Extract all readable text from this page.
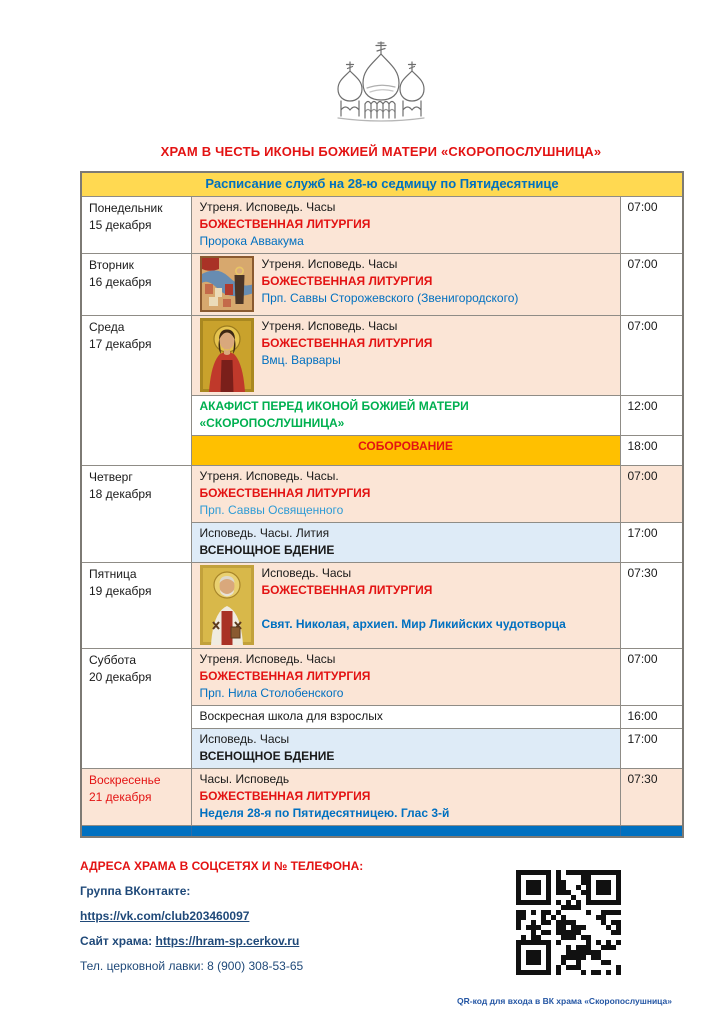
ХРАМ В ЧЕСТЬ ИКОНЫ БОЖИЕЙ МАТЕРИ «СКОРОПОСЛУШНИЦА»
Расписание служб на 28-ю седмицу по Пятидесятнице		

Понедельник
15 декабря

Утреня. Исповедь. Часы
БОЖЕСТВЕННАЯ ЛИТУРГИЯ
Пророка Аввакума
	07:00

Вторник
16 декабря

Утреня. Исповедь. Часы
БОЖЕСТВЕННАЯ ЛИТУРГИЯ
Прп. Саввы Сторожевского (Звенигородского)
	07:00

Среда
17 декабря

Утреня. Исповедь. Часы
БОЖЕСТВЕННАЯ ЛИТУРГИЯ
Вмц. Варвары
	07:00

	АКАФИСТ ПЕРЕД ИКОНОЙ БОЖИЕЙ МАТЕРИ
«СКОРОПОСЛУШНИЦА»	12:00

	СОБОРОВАНИЕ	18:00

Четверг
18 декабря

Утреня. Исповедь. Часы.
БОЖЕСТВЕННАЯ ЛИТУРГИЯ
Прп. Саввы Освященного
	07:00

	Исповедь. Часы. Лития
ВСЕНОЩНОЕ БДЕНИЕ	17:00

Пятница
19 декабря

Исповедь. Часы
БОЖЕСТВЕННАЯ ЛИТУРГИЯ
Свят. Николая, архиеп. Мир Ликийских чудотворца
	07:30

Суббота
20 декабря

Утреня. Исповедь. Часы
БОЖЕСТВЕННАЯ ЛИТУРГИЯ
Прп. Нила Столобенского
	07:00

	Воскресная школа для взрослых	16:00

	Исповедь. Часы
ВСЕНОЩНОЕ БДЕНИЕ	17:00

Воскресенье
21 декабря

Часы. Исповедь
БОЖЕСТВЕННАЯ ЛИТУРГИЯ
Неделя 28-я по Пятидесятницею. Глас 3-й
	07:30

АДРЕСА ХРАМА В СОЦСЕТЯХ И № ТЕЛЕФОНА:

Группа ВКонтакте:

https://vk.com/club203460097

Сайт храма: https://hram-sp.cerkov.ru

Тел. церковной лавки: 8 (900) 308-53-65

QR-код для входа в ВК храма «Скоропослушница»
